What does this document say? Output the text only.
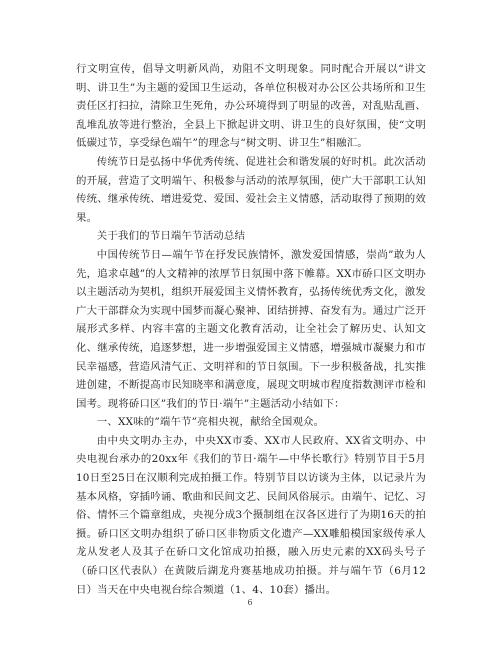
行文明宣传，倡导文明新风尚，劝阻不文明现象。同时配合开展以“讲文明、讲卫生”为主题的爱国卫生运动，各单位积极对办公区公共场所和卫生责任区打扫拉，清除卫生死角，办公环境得到了明显的改善，对乱贴乱画、乱堆乱放等进行整治，全县上下掀起讲文明、讲卫生的良好氛围，使“文明低碳过节，享受绿色端午”的理念与“树文明、讲卫生”相融汇。

传统节日是弘扬中华优秀传统、促进社会和谐发展的好时机。此次活动的开展，营造了文明端午、积极参与活动的浓厚氛围，使广大干部职工认知传统、继承传统、增进爱党、爱国、爱社会主义情感，活动取得了预期的效果。

关于我们的节日端午节活动总结

中国传统节日—端午节在抒发民族情怀，激发爱国情感，崇尚”敢为人先，追求卓越”的人文精神的浓厚节日氛围中落下帷幕。XX市硚口区文明办以主题活动为契机，组织开展爱国主义情怀教育，弘扬传统优秀文化，激发广大干部群众为实现中国梦而凝心聚神、团结拼搏、奋发有为。通过广泛开展形式多样、内容丰富的主题文化教育活动，让全社会了解历史、认知文化、继承传统，追逐梦想，进一步增强爱国主义情感，增强城市凝聚力和市民幸福感，营造风清气正、文明祥和的节日氛围。下一步积极备战，扎实推进创建，不断提高市民知晓率和满意度，展现文明城市程度指数测评市检和国考。现将硚口区”我们的节日·端午”主题活动小结如下：

一、XX味的”端午节”亮相央视，献给全国观众。

由中央文明办主办，中央XX市委、XX市人民政府、XX省文明办、中央电视台承办的20xx年《我们的节日·端午—中华长歌行》特别节目于5月10日至25日在汉顺利完成拍摄工作。特别节目以访谈为主体，以记录片为基本风格，穿插吟诵、歌曲和民间文艺、民间风俗展示。由端午、记忆、习俗、情怀三个篇章组成，央视分成3个摄制组在汉各区进行了为期16天的拍摄。硚口区文明办组织了硚口区非物质文化遗产—XX雕船模国家级传承人龙从发老人及其子在硚口文化馆成功拍摄，融入历史元素的XX码头号子（硚口区代表队）在黄陂后湖龙舟赛基地成功拍摄。并与端午节（6月12日）当天在中央电视台综合频道（1、4、10套）播出。

6
